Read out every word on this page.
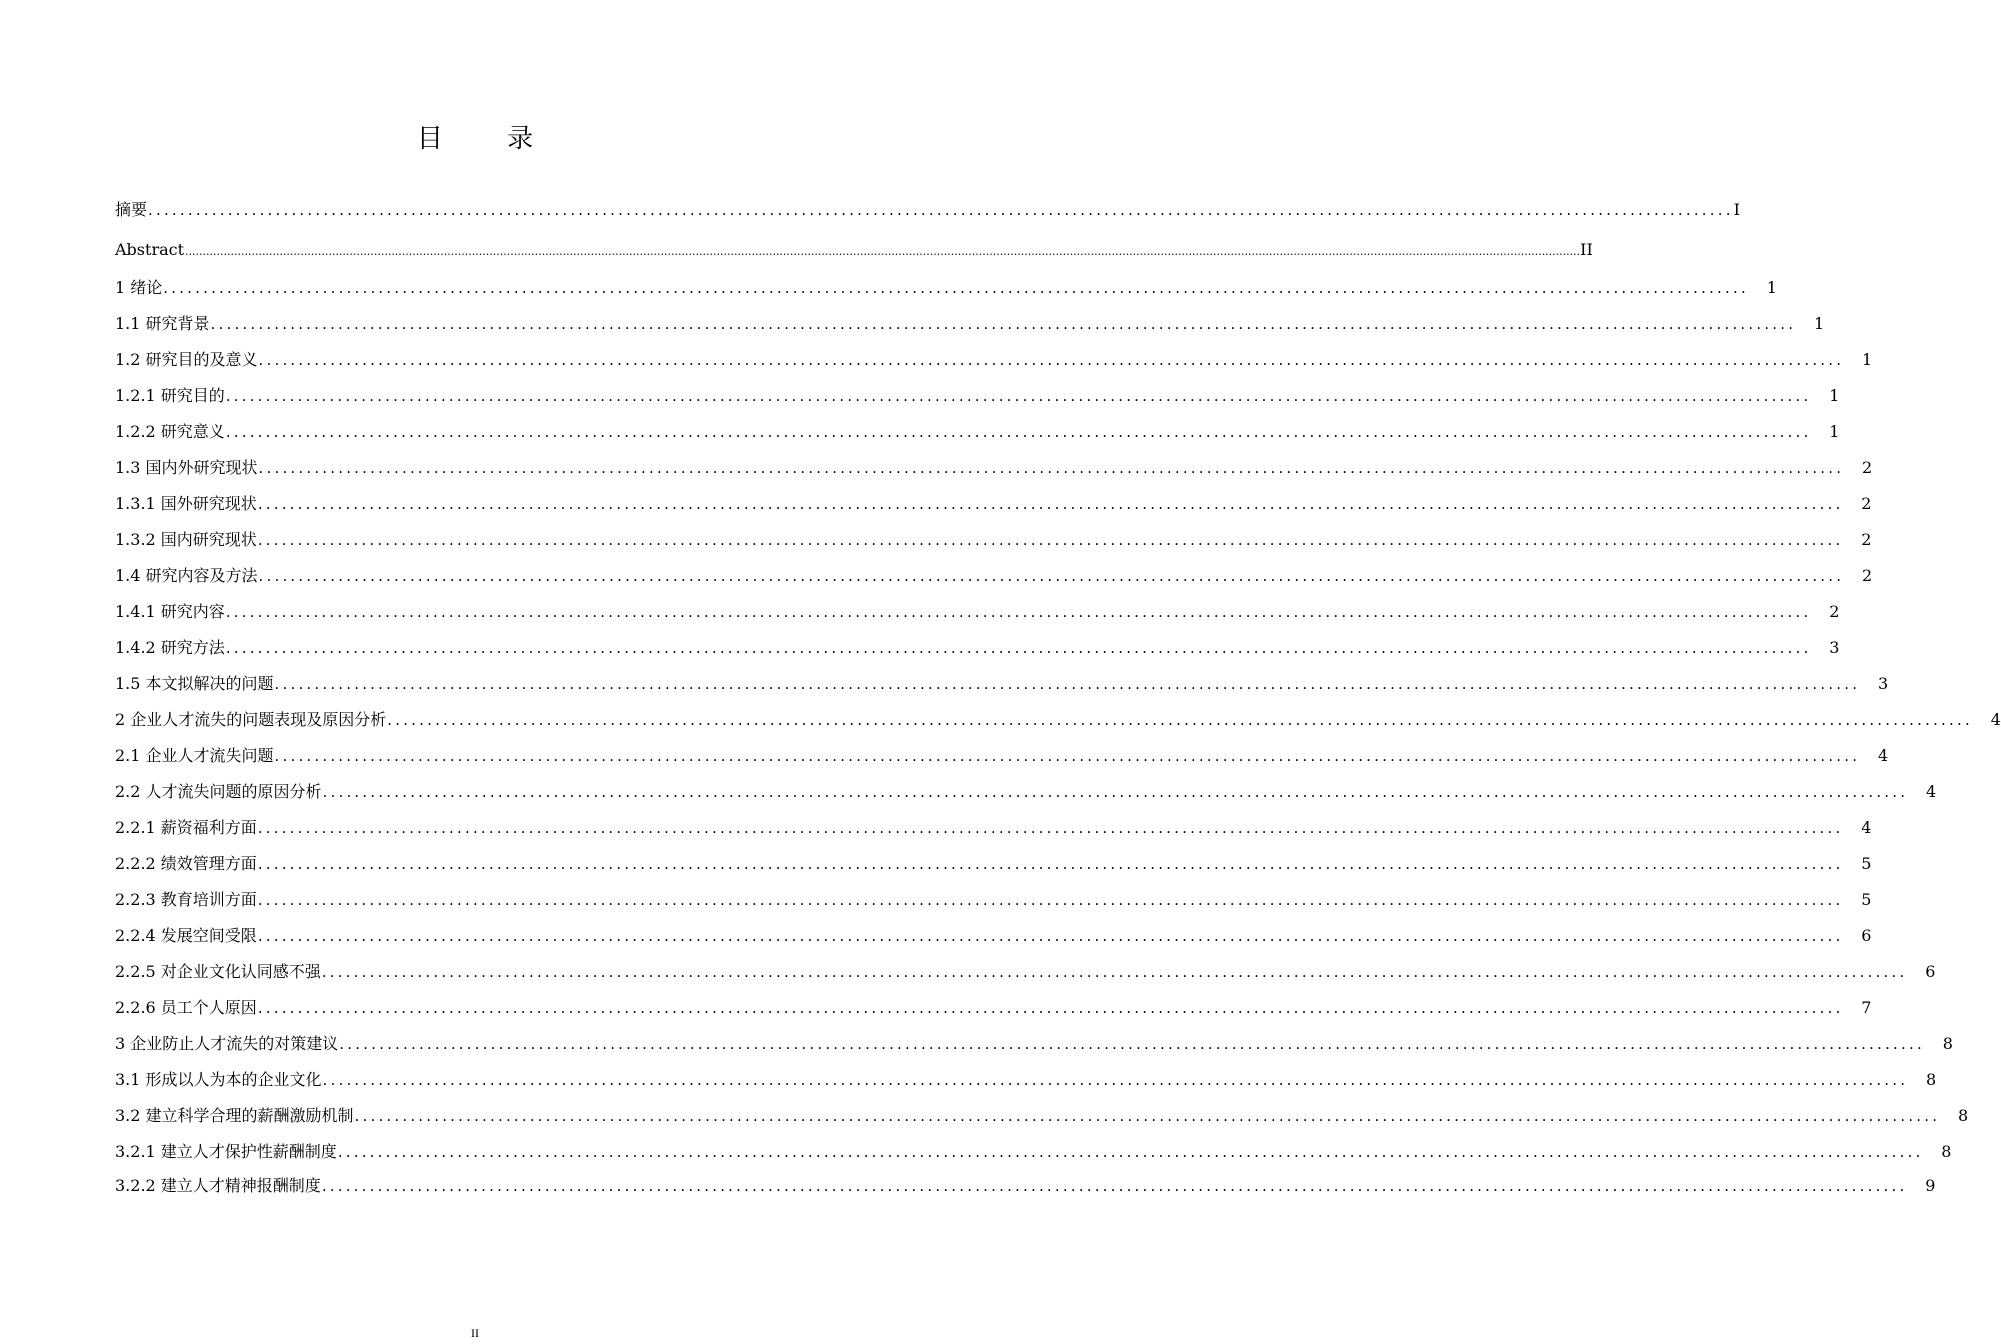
目 录
摘要 ....................................................................................................................................................................................................... I
Abstract ............................................................................................................................................................................................................................................................................................................................................................................................................... II
1 绪论 .......................................................................................................................................................................................................	1
1.1 研究背景 .......................................................................................................................................................................................................	1
1.2 研究目的及意义 .......................................................................................................................................................................................................	1
1.2.1 研究目的 .......................................................................................................................................................................................................	1
1.2.2 研究意义 .......................................................................................................................................................................................................	1
1.3 国内外研究现状 .......................................................................................................................................................................................................	2
1.3.1 国外研究现状 .......................................................................................................................................................................................................	2
1.3.2 国内研究现状 .......................................................................................................................................................................................................	2
1.4 研究内容及方法 .......................................................................................................................................................................................................	2
1.4.1 研究内容 .......................................................................................................................................................................................................	2
1.4.2 研究方法 .......................................................................................................................................................................................................	3
1.5 本文拟解决的问题 .......................................................................................................................................................................................................	3
2 企业人才流失的问题表现及原因分析 .......................................................................................................................................................................................................	4
2.1 企业人才流失问题 .......................................................................................................................................................................................................	4
2.2 人才流失问题的原因分析 .......................................................................................................................................................................................................	4
2.2.1 薪资福利方面 .......................................................................................................................................................................................................	4
2.2.2 绩效管理方面 .......................................................................................................................................................................................................	5
2.2.3 教育培训方面 .......................................................................................................................................................................................................	5
2.2.4 发展空间受限 .......................................................................................................................................................................................................	6
2.2.5 对企业文化认同感不强 .......................................................................................................................................................................................................	6
2.2.6 员工个人原因 .......................................................................................................................................................................................................	7
3 企业防止人才流失的对策建议 .......................................................................................................................................................................................................	8
3.1 形成以人为本的企业文化 .......................................................................................................................................................................................................	8
3.2 建立科学合理的薪酬激励机制 .......................................................................................................................................................................................................	8
3.2.1 建立人才保护性薪酬制度 .......................................................................................................................................................................................................	8
3.2.2 建立人才精神报酬制度 .......................................................................................................................................................................................................	9
II
